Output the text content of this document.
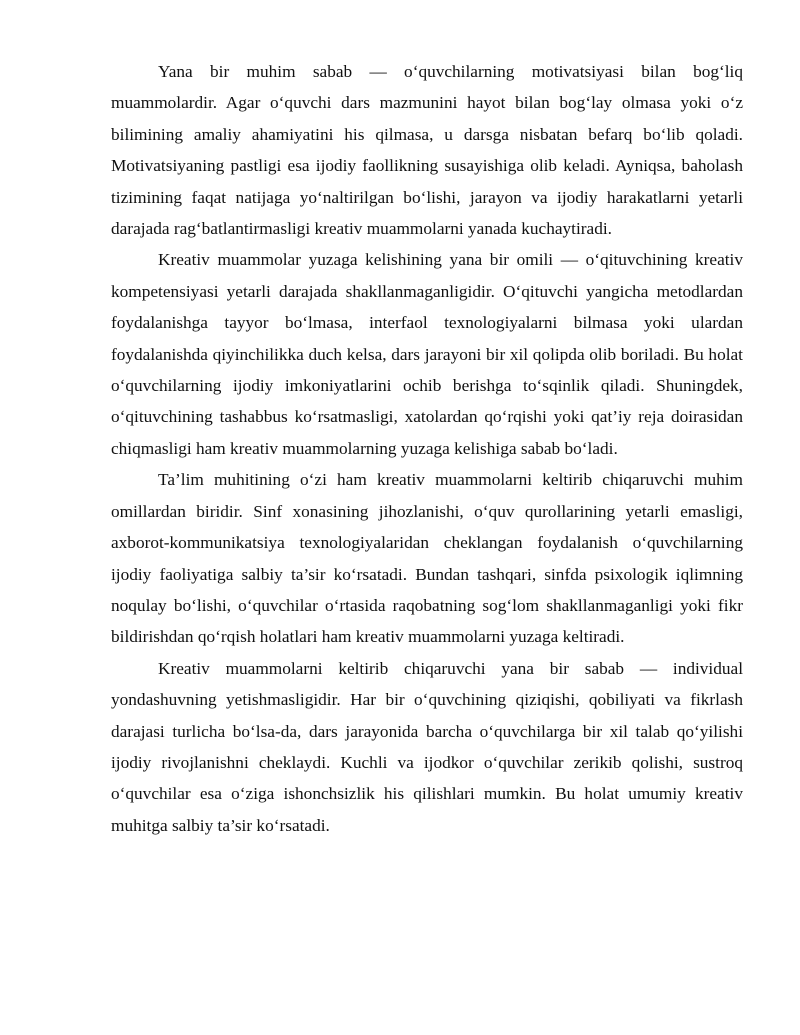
Yana bir muhim sabab — o‘quvchilarning motivatsiyasi bilan bog‘liq muammolardir. Agar o‘quvchi dars mazmunini hayot bilan bog‘lay olmasa yoki o‘z bilimining amaliy ahamiyatini his qilmasa, u darsga nisbatan befarq bo‘lib qoladi. Motivatsiyaning pastligi esa ijodiy faollikning susayishiga olib keladi. Ayniqsa, baholash tizimining faqat natijaga yo‘naltirilgan bo‘lishi, jarayon va ijodiy harakatlarni yetarli darajada rag‘batlantirmasligi kreativ muammolarni yanada kuchaytiradi.

Kreativ muammolar yuzaga kelishining yana bir omili — o‘qituvchining kreativ kompetensiyasi yetarli darajada shakllanmaganligidir. O‘qituvchi yangicha metodlardan foydalanishga tayyor bo‘lmasa, interfaol texnologiyalarni bilmasa yoki ulardan foydalanishda qiyinchilikka duch kelsa, dars jarayoni bir xil qolipda olib boriladi. Bu holat o‘quvchilarning ijodiy imkoniyatlarini ochib berishga to‘sqinlik qiladi. Shuningdek, o‘qituvchining tashabbus ko‘rsatmasligi, xatolardan qo‘rqishi yoki qat’iy reja doirasidan chiqmasligi ham kreativ muammolarning yuzaga kelishiga sabab bo‘ladi.

Ta’lim muhitining o‘zi ham kreativ muammolarni keltirib chiqaruvchi muhim omillardan biridir. Sinf xonasining jihozlanishi, o‘quv qurollarining yetarli emasligi, axborot-kommunikatsiya texnologiyalaridan cheklangan foydalanish o‘quvchilarning ijodiy faoliyatiga salbiy ta’sir ko‘rsatadi. Bundan tashqari, sinfda psixologik iqlimning noqulay bo‘lishi, o‘quvchilar o‘rtasida raqobatning sog‘lom shakllanmaganligi yoki fikr bildirishdan qo‘rqish holatlari ham kreativ muammolarni yuzaga keltiradi.

Kreativ muammolarni keltirib chiqaruvchi yana bir sabab — individual yondashuvning yetishmasligidir. Har bir o‘quvchining qiziqishi, qobiliyati va fikrlash darajasi turlicha bo‘lsa-da, dars jarayonida barcha o‘quvchilarga bir xil talab qo‘yilishi ijodiy rivojlanishni cheklaydi. Kuchli va ijodkor o‘quvchilar zerikib qolishi, sustroq o‘quvchilar esa o‘ziga ishonchsizlik his qilishlari mumkin. Bu holat umumiy kreativ muhitga salbiy ta’sir ko‘rsatadi.
